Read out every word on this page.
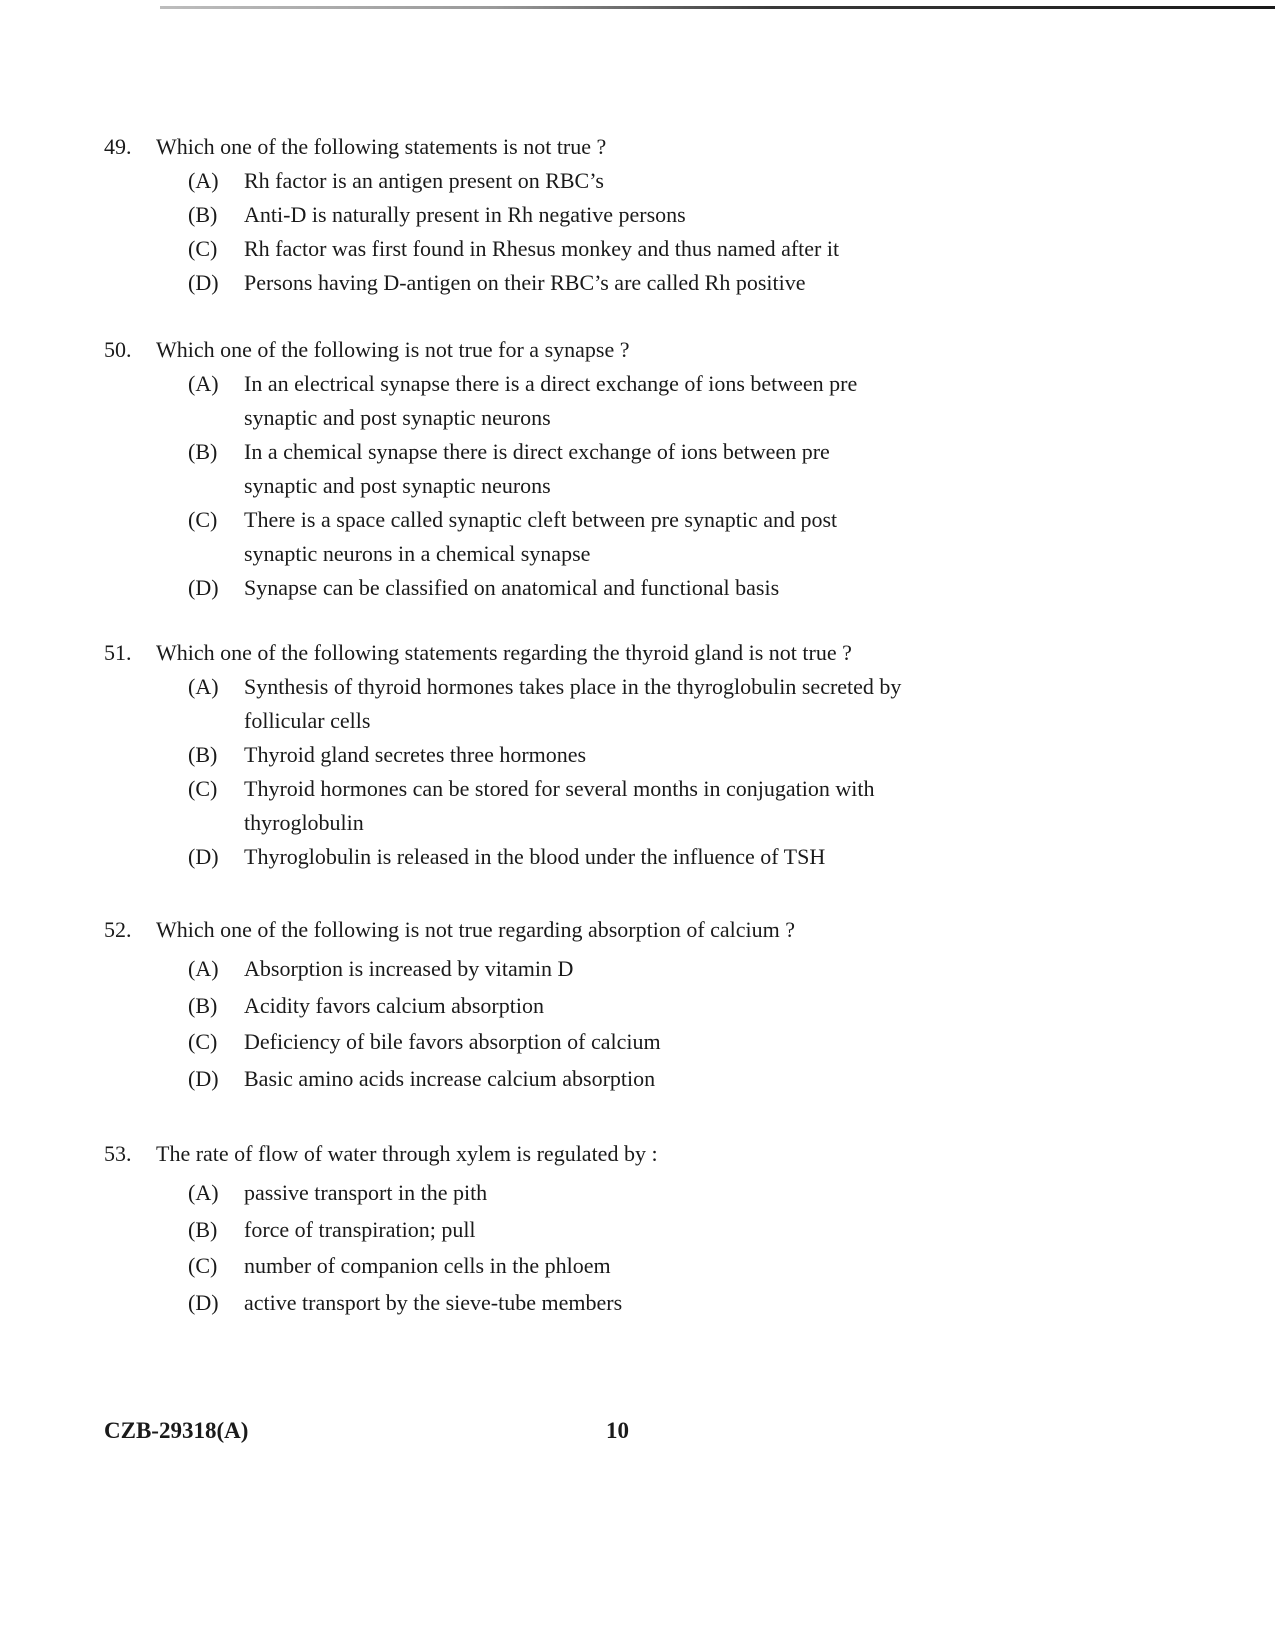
49.	Which one of the following statements is not true ?
(A) Rh factor is an antigen present on RBC’s
(B) Anti-D is naturally present in Rh negative persons
(C) Rh factor was first found in Rhesus monkey and thus named after it
(D) Persons having D-antigen on their RBC’s are called Rh positive
50.	Which one of the following is not true for a synapse ?
(A) In an electrical synapse there is a direct exchange of ions between pre synaptic and post synaptic neurons
(B) In a chemical synapse there is direct exchange of ions between pre synaptic and post synaptic neurons
(C) There is a space called synaptic cleft between pre synaptic and post synaptic neurons in a chemical synapse
(D) Synapse can be classified on anatomical and functional basis
51.	Which one of the following statements regarding the thyroid gland is not true ?
(A) Synthesis of thyroid hormones takes place in the thyroglobulin secreted by follicular cells
(B) Thyroid gland secretes three hormones
(C) Thyroid hormones can be stored for several months in conjugation with thyroglobulin
(D) Thyroglobulin is released in the blood under the influence of TSH
52.	Which one of the following is not true regarding absorption of calcium ?
(A) Absorption is increased by vitamin D
(B) Acidity favors calcium absorption
(C) Deficiency of bile favors absorption of calcium
(D) Basic amino acids increase calcium absorption
53.	The rate of flow of water through xylem is regulated by :
(A) passive transport in the pith
(B) force of transpiration; pull
(C) number of companion cells in the phloem
(D) active transport by the sieve-tube members
CZB-29318(A)	10
